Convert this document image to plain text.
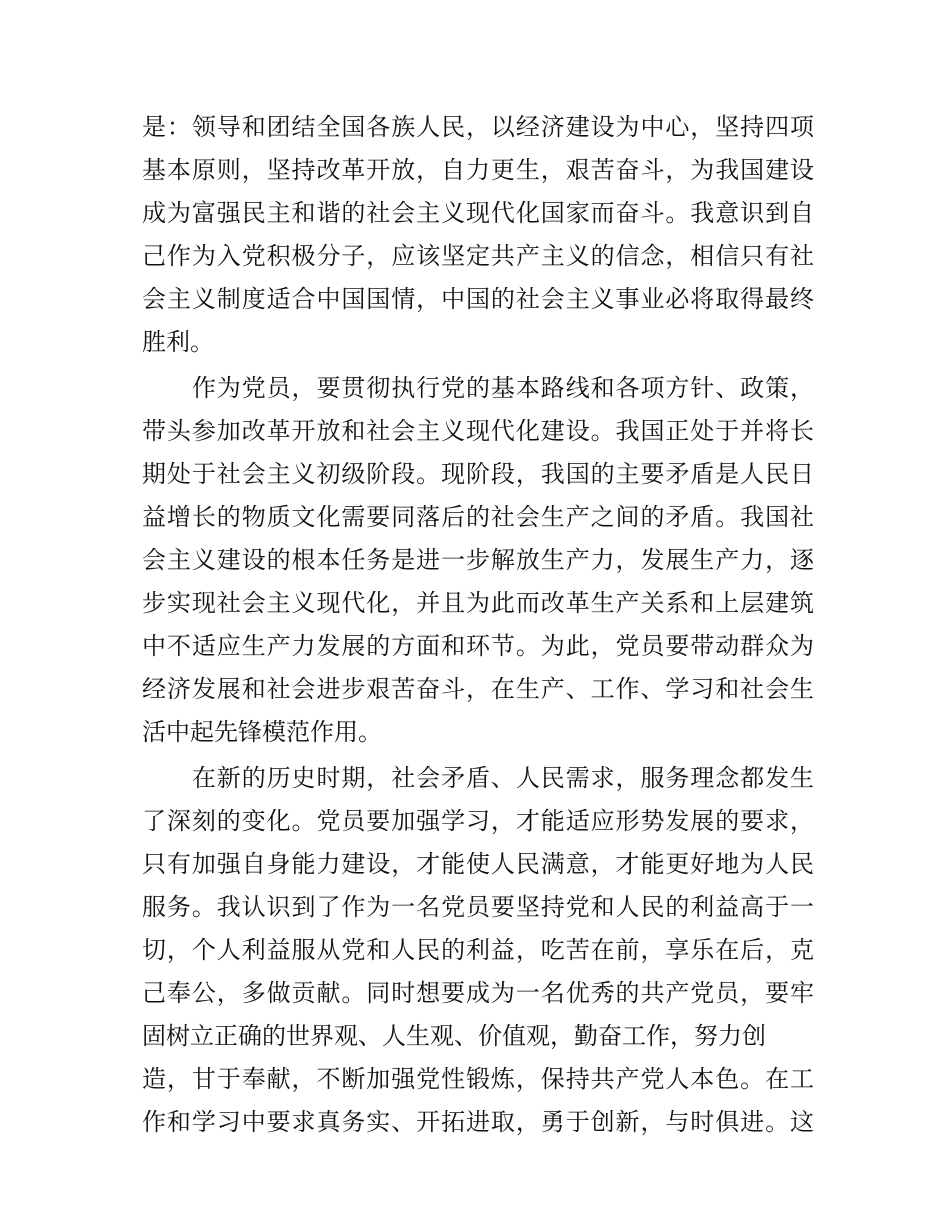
是：领导和团结全国各族人民，以经济建设为中心，坚持四项
基本原则，坚持改革开放，自力更生，艰苦奋斗，为我国建设
成为富强民主和谐的社会主义现代化国家而奋斗。我意识到自
己作为入党积极分子，应该坚定共产主义的信念，相信只有社
会主义制度适合中国国情，中国的社会主义事业必将取得最终
胜利。
　　作为党员，要贯彻执行党的基本路线和各项方针、政策，
带头参加改革开放和社会主义现代化建设。我国正处于并将长
期处于社会主义初级阶段。现阶段，我国的主要矛盾是人民日
益增长的物质文化需要同落后的社会生产之间的矛盾。我国社
会主义建设的根本任务是进一步解放生产力，发展生产力，逐
步实现社会主义现代化，并且为此而改革生产关系和上层建筑
中不适应生产力发展的方面和环节。为此，党员要带动群众为
经济发展和社会进步艰苦奋斗，在生产、工作、学习和社会生
活中起先锋模范作用。
　　在新的历史时期，社会矛盾、人民需求，服务理念都发生
了深刻的变化。党员要加强学习，才能适应形势发展的要求，
只有加强自身能力建设，才能使人民满意，才能更好地为人民
服务。我认识到了作为一名党员要坚持党和人民的利益高于一
切，个人利益服从党和人民的利益，吃苦在前，享乐在后，克
己奉公，多做贡献。同时想要成为一名优秀的共产党员，要牢
固树立正确的世界观、人生观、价值观，勤奋工作，努力创
造，甘于奉献，不断加强党性锻炼，保持共产党人本色。在工
作和学习中要求真务实、开拓进取，勇于创新，与时俱进。这
